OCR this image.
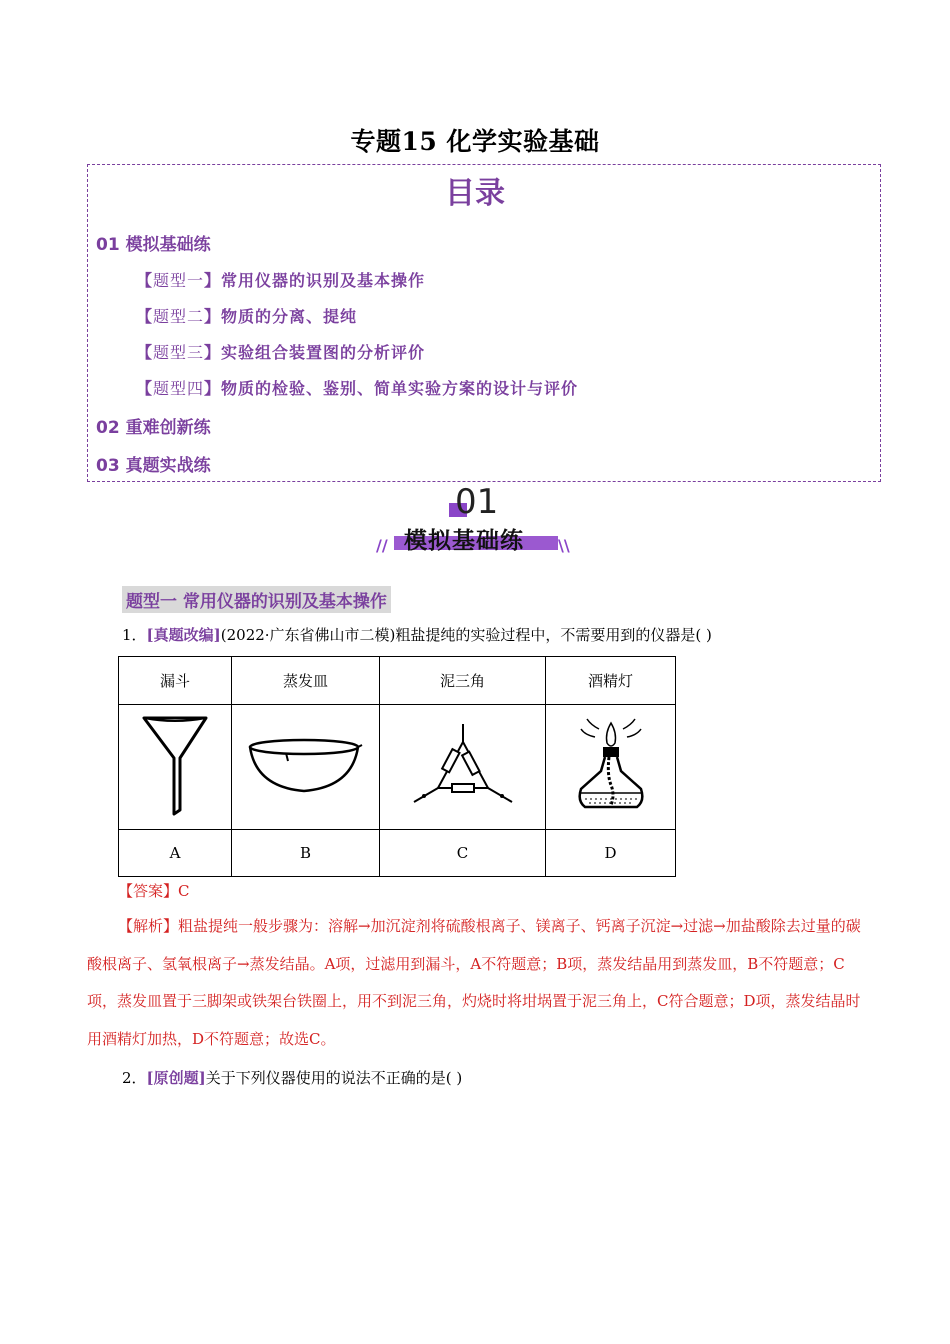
专题15 化学实验基础
目录
01 模拟基础练
【题型一】常用仪器的识别及基本操作
【题型二】物质的分离、提纯
【题型三】实验组合装置图的分析评价
【题型四】物质的检验、鉴别、简单实验方案的设计与评价
02 重难创新练
03 真题实战练
01
// 模拟基础练 \\
题型一 常用仪器的识别及基本操作
1．[真题改编](2022·广东省佛山市二模)粗盐提纯的实验过程中，不需要用到的仪器是( )
漏斗	蒸发皿	泥三角	酒精灯

A	B	C	D
【答案】C
【解析】粗盐提纯一般步骤为：溶解→加沉淀剂将硫酸根离子、镁离子、钙离子沉淀→过滤→加盐酸除去过量的碳酸根离子、氢氧根离子→蒸发结晶。A项，过滤用到漏斗，A不符题意；B项，蒸发结晶用到蒸发皿，B不符题意；C项，蒸发皿置于三脚架或铁架台铁圈上，用不到泥三角，灼烧时将坩埚置于泥三角上，C符合题意；D项，蒸发结晶时用酒精灯加热，D不符题意；故选C。
2．[原创题]关于下列仪器使用的说法不正确的是( )
